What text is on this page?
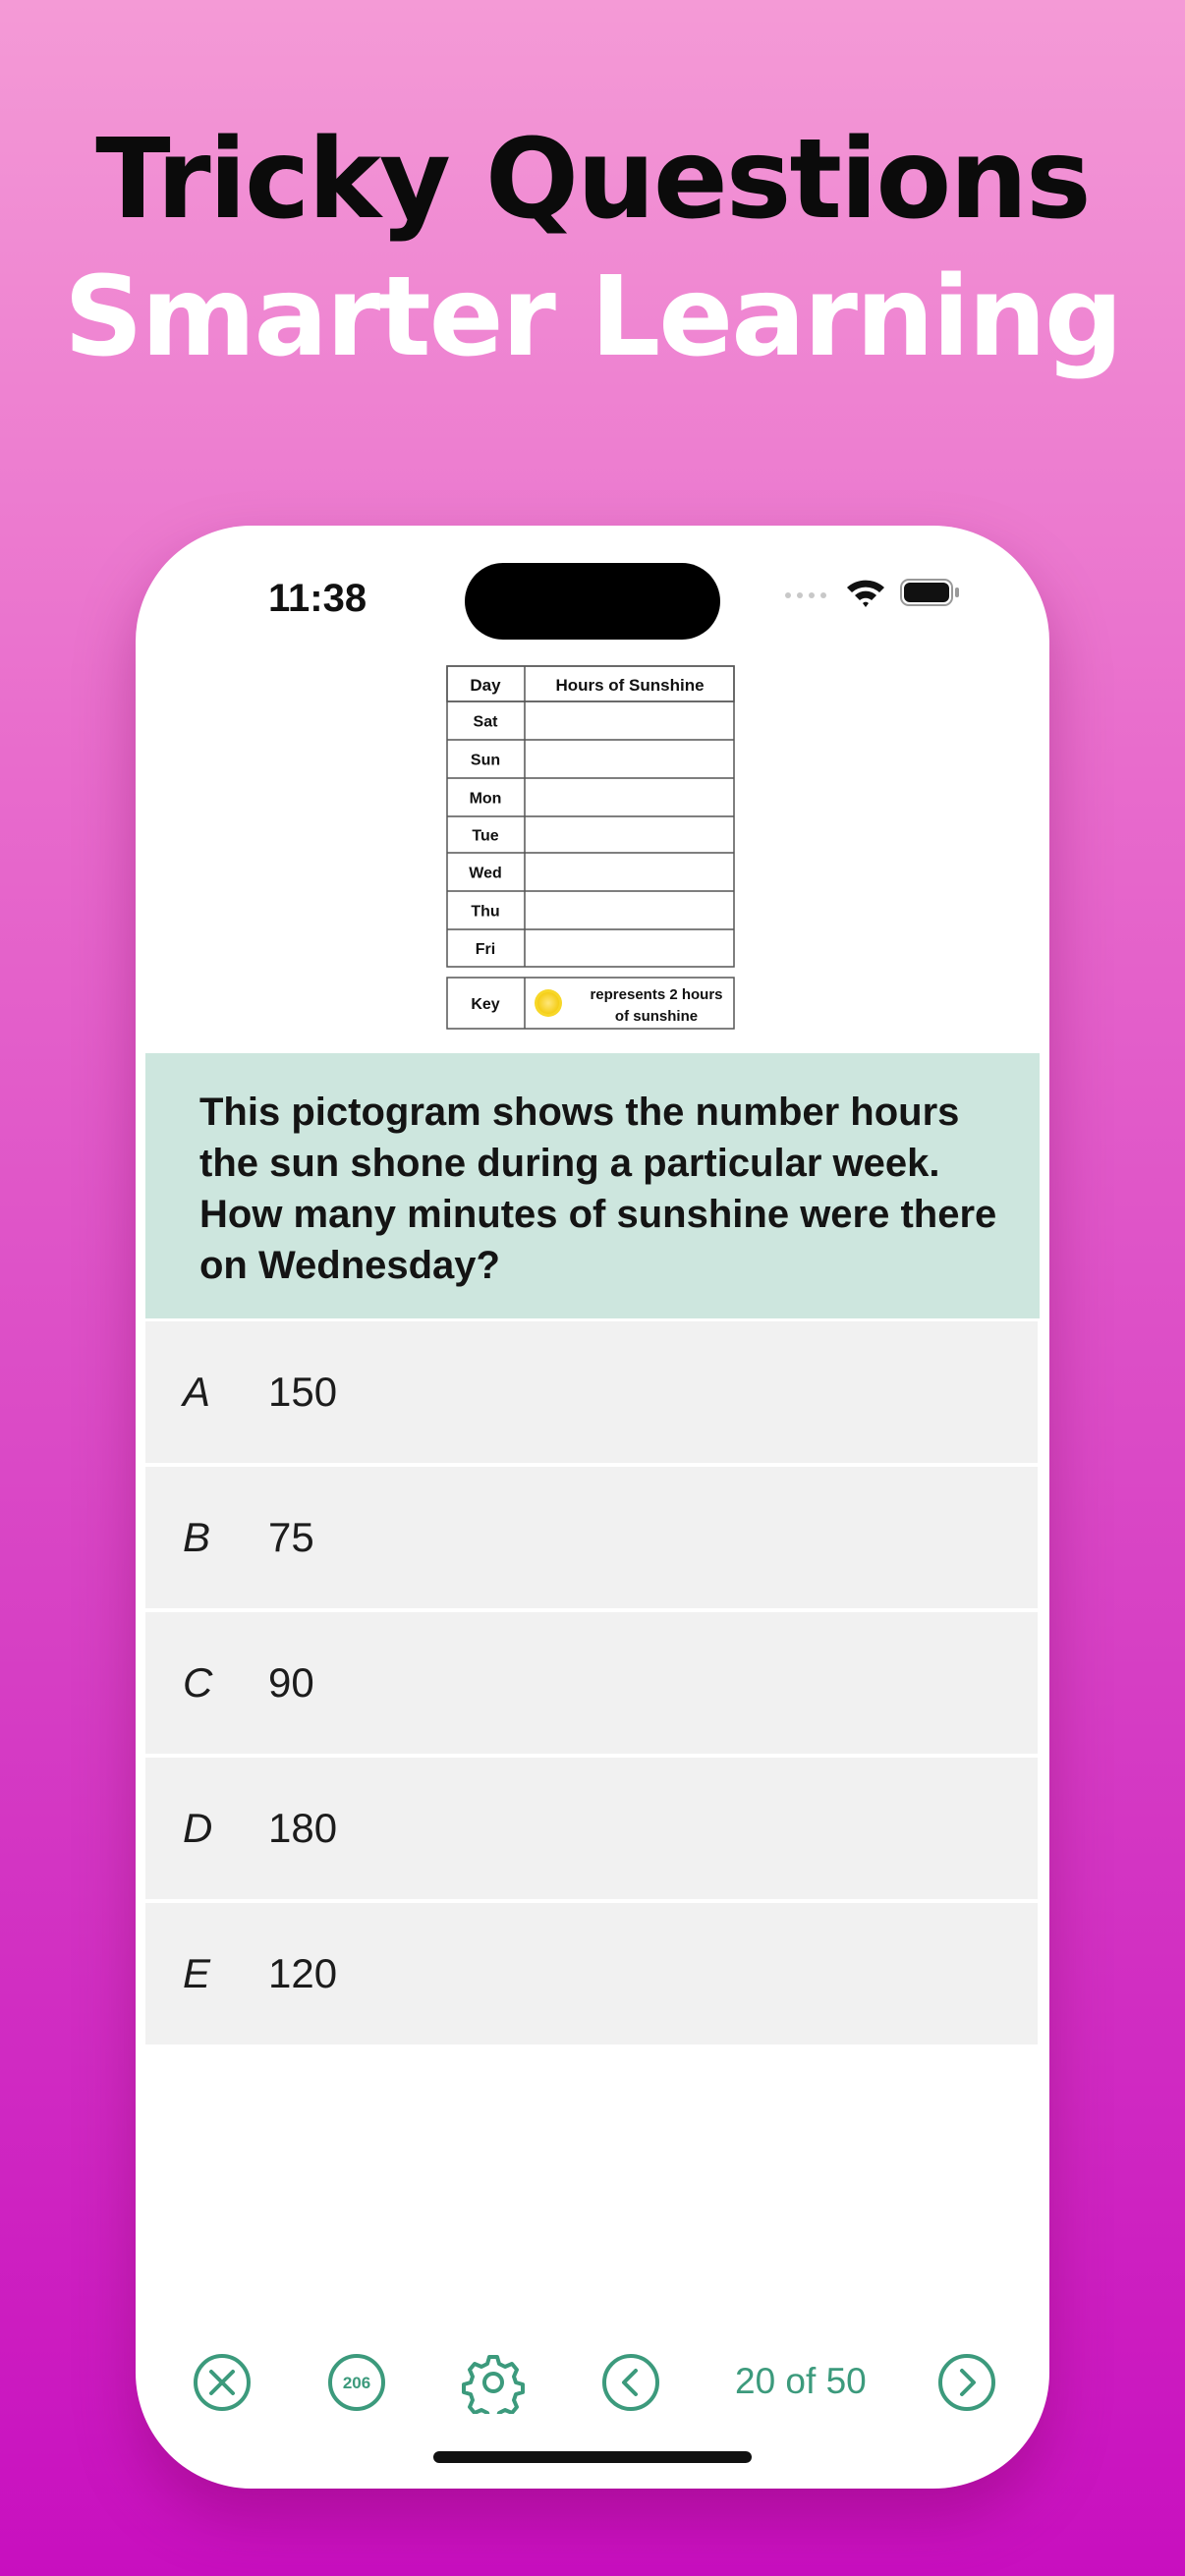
Tricky Questions
Smarter Learning
11:38
Day	Hours of Sunshine
Sat
Sun
Mon
Tue
Wed
Thu
Fri
Key
represents 2 hours
of sunshine
This pictogram shows the number hours the sun shone during a particular week. How many minutes of sunshine were there on Wednesday?
A 150
B 75
C 90
D 180
E 120
206	20 of 50
